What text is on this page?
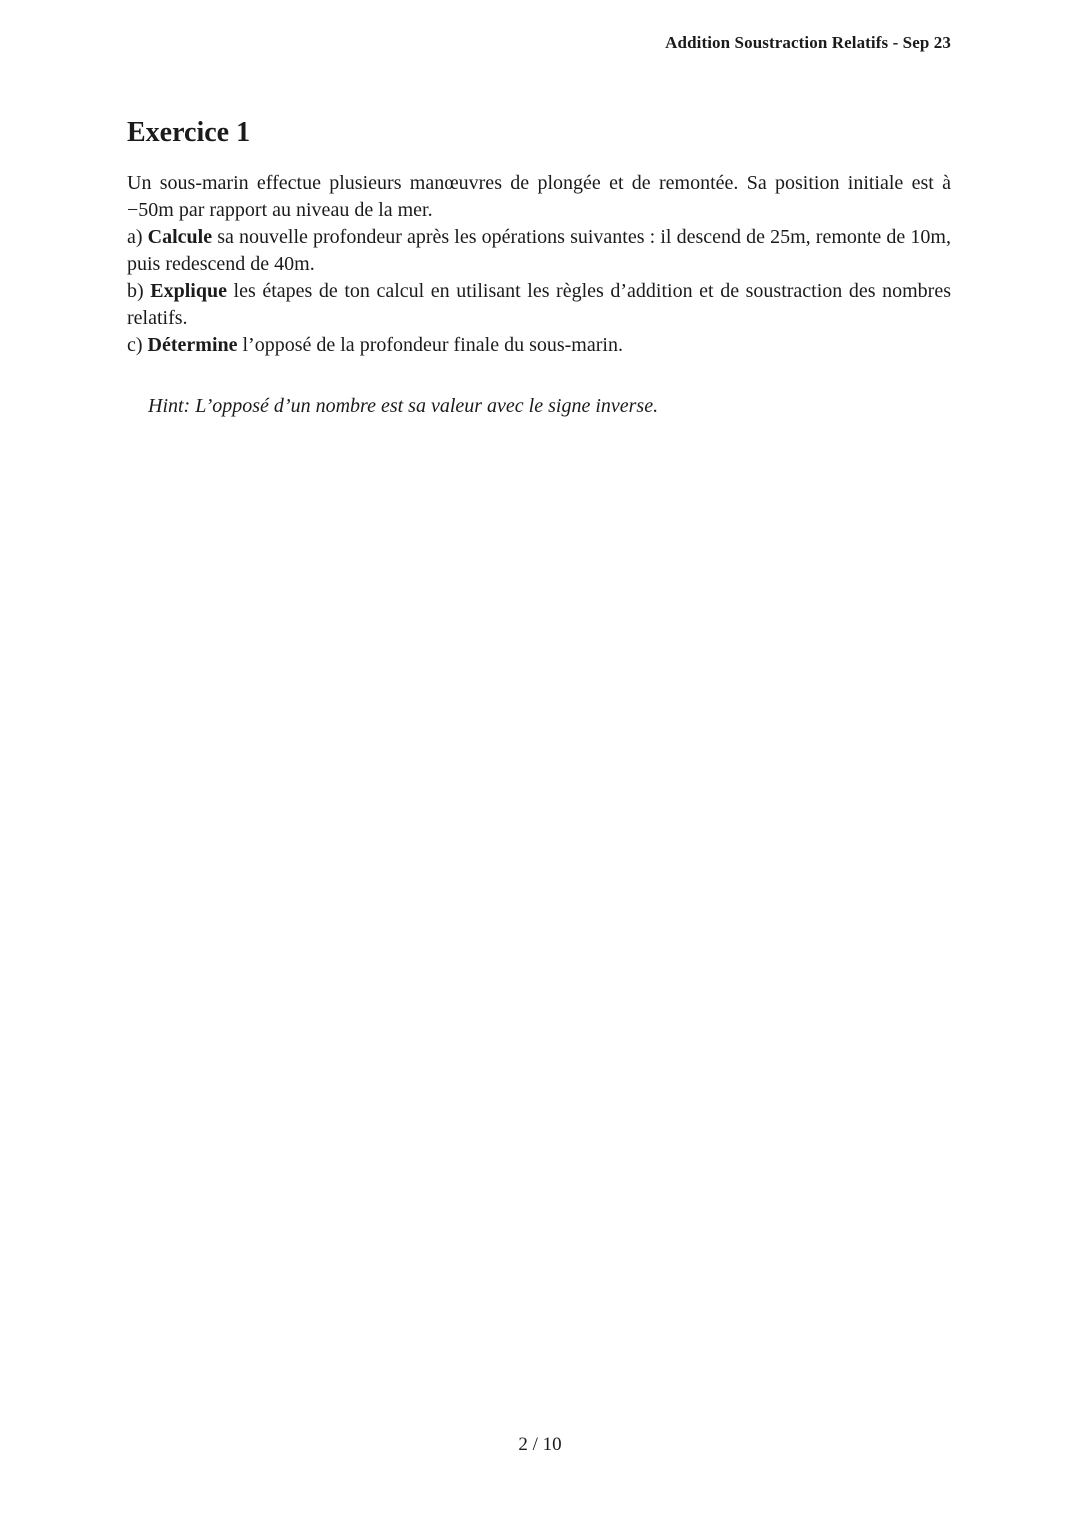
Addition Soustraction Relatifs - Sep 23
Exercice 1

Un sous-marin effectue plusieurs manœuvres de plongée et de remontée. Sa position initiale est à −50m par rapport au niveau de la mer.

a) Calcule sa nouvelle profondeur après les opérations suivantes : il descend de 25m, remonte de 10m, puis redescend de 40m.

b) Explique les étapes de ton calcul en utilisant les règles d’addition et de soustraction des nombres relatifs.

c) Détermine l’opposé de la profondeur finale du sous-marin.

Hint: L’opposé d’un nombre est sa valeur avec le signe inverse.

2 / 10
